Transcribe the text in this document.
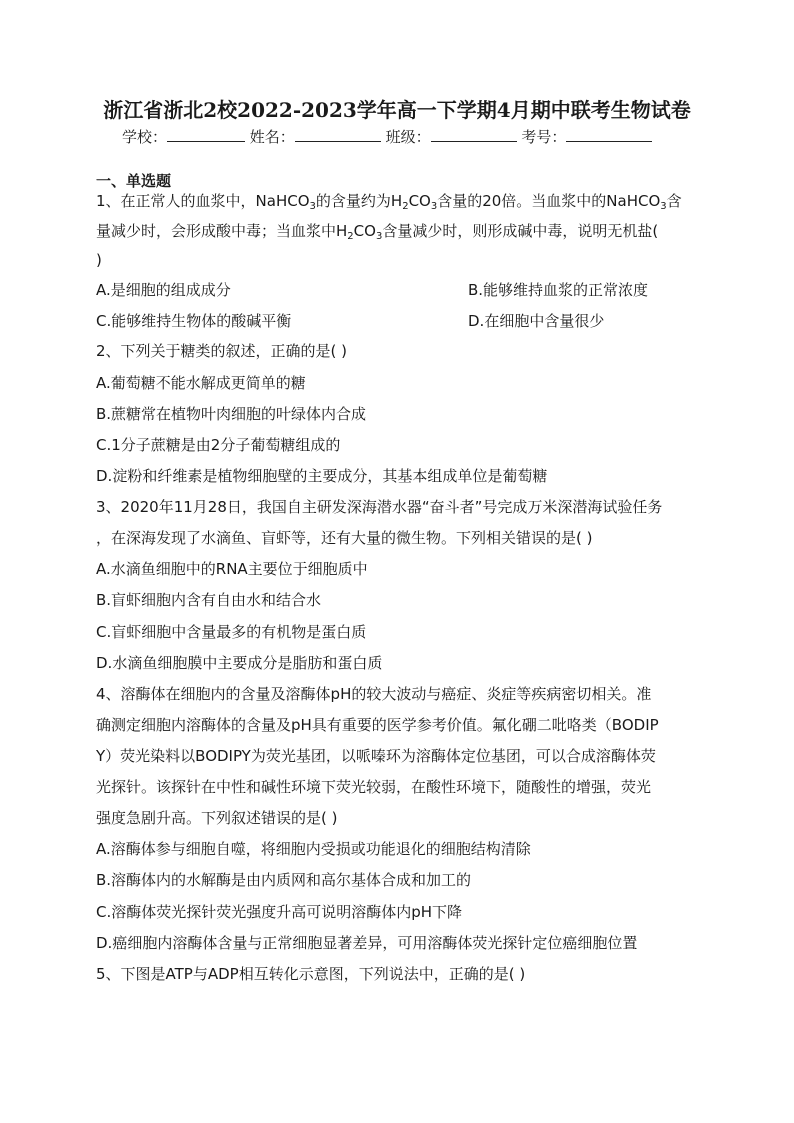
浙江省浙北2校2022-2023学年高一下学期4月期中联考生物试卷
学校：	姓名：	班级：	考号：
一、单选题
1、在正常人的血浆中，NaHCO$_3$的含量约为$H_2CO_3$含量的20倍。当血浆中的NaHCO$_3$含
量减少时，会形成酸中毒；当血浆中$H_2CO_3$含量减少时，则形成碱中毒，说明无机盐(
)
A.是细胞的组成成分	B.能够维持血浆的正常浓度
C.能够维持生物体的酸碱平衡	D.在细胞中含量很少
2、下列关于糖类的叙述，正确的是( )
A.葡萄糖不能水解成更简单的糖
B.蔗糖常在植物叶肉细胞的叶绿体内合成
C.1分子蔗糖是由2分子葡萄糖组成的
D.淀粉和纤维素是植物细胞壁的主要成分，其基本组成单位是葡萄糖
3、2020年11月28日，我国自主研发深海潜水器“奋斗者”号完成万米深潜海试验任务
，在深海发现了水滴鱼、盲虾等，还有大量的微生物。下列相关错误的是( )
A.水滴鱼细胞中的RNA主要位于细胞质中
B.盲虾细胞内含有自由水和结合水
C.盲虾细胞中含量最多的有机物是蛋白质
D.水滴鱼细胞膜中主要成分是脂肪和蛋白质
4、溶酶体在细胞内的含量及溶酶体pH的较大波动与癌症、炎症等疾病密切相关。准
确测定细胞内溶酶体的含量及pH具有重要的医学参考价值。氟化硼二吡咯类（BODIP
Y）荧光染料以BODIPY为荧光基团，以哌嗪环为溶酶体定位基团，可以合成溶酶体荧
光探针。该探针在中性和碱性环境下荧光较弱，在酸性环境下，随酸性的增强，荧光
强度急剧升高。下列叙述错误的是( )
A.溶酶体参与细胞自噬，将细胞内受损或功能退化的细胞结构清除
B.溶酶体内的水解酶是由内质网和高尔基体合成和加工的
C.溶酶体荧光探针荧光强度升高可说明溶酶体内pH下降
D.癌细胞内溶酶体含量与正常细胞显著差异，可用溶酶体荧光探针定位癌细胞位置
5、下图是ATP与ADP相互转化示意图，下列说法中，正确的是( )
